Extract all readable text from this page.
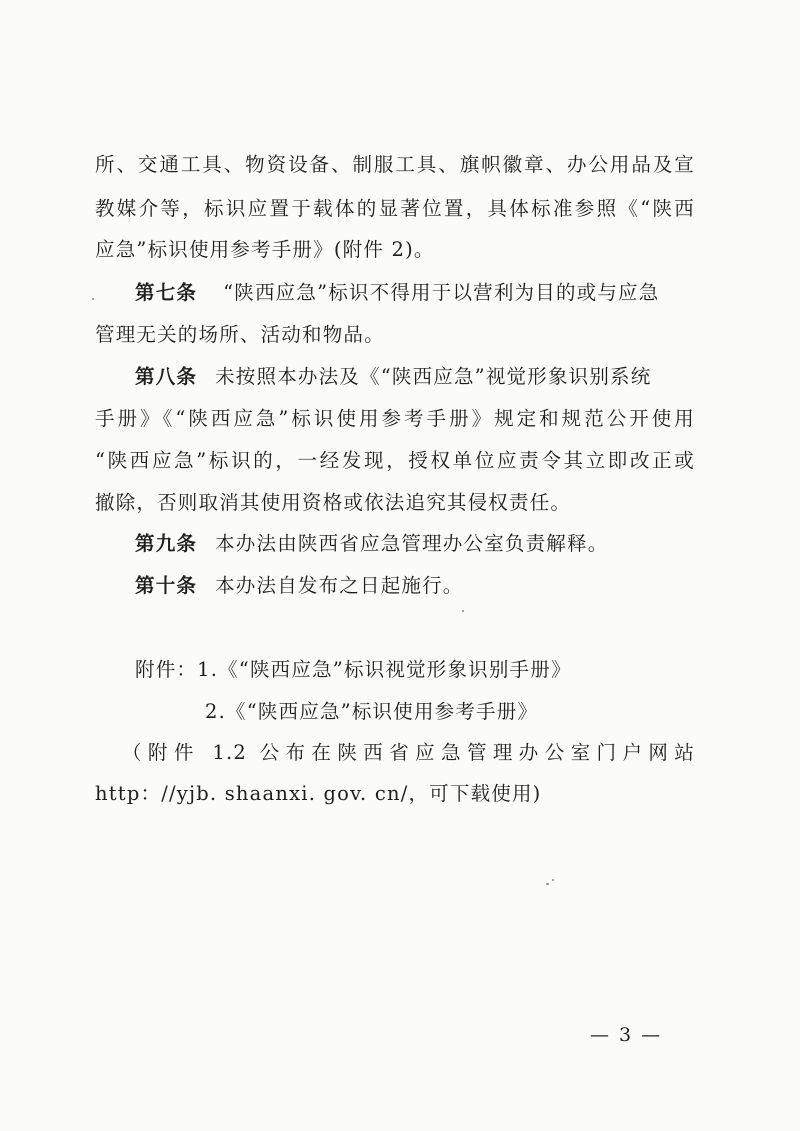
所、交通工具、物资设备、制服工具、旗帜徽章、办公用品及宣
教媒介等，标识应置于载体的显著位置，具体标准参照《“陕西
应急”标识使用参考手册》(附件 2)。
第七条 “陕西应急”标识不得用于以营利为目的或与应急
管理无关的场所、活动和物品。
第八条 未按照本办法及《“陕西应急”视觉形象识别系统
手册》《“陕西应急”标识使用参考手册》规定和规范公开使用
“陕西应急”标识的，一经发现，授权单位应责令其立即改正或
撤除，否则取消其使用资格或依法追究其侵权责任。
第九条 本办法由陕西省应急管理办公室负责解释。
第十条 本办法自发布之日起施行。
附件：1.《“陕西应急”标识视觉形象识别手册》
2.《“陕西应急”标识使用参考手册》
（附件 1.2 公布在陕西省应急管理办公室门户网站
http：//yjb. shaanxi. gov. cn/，可下载使用)
— 3 —
